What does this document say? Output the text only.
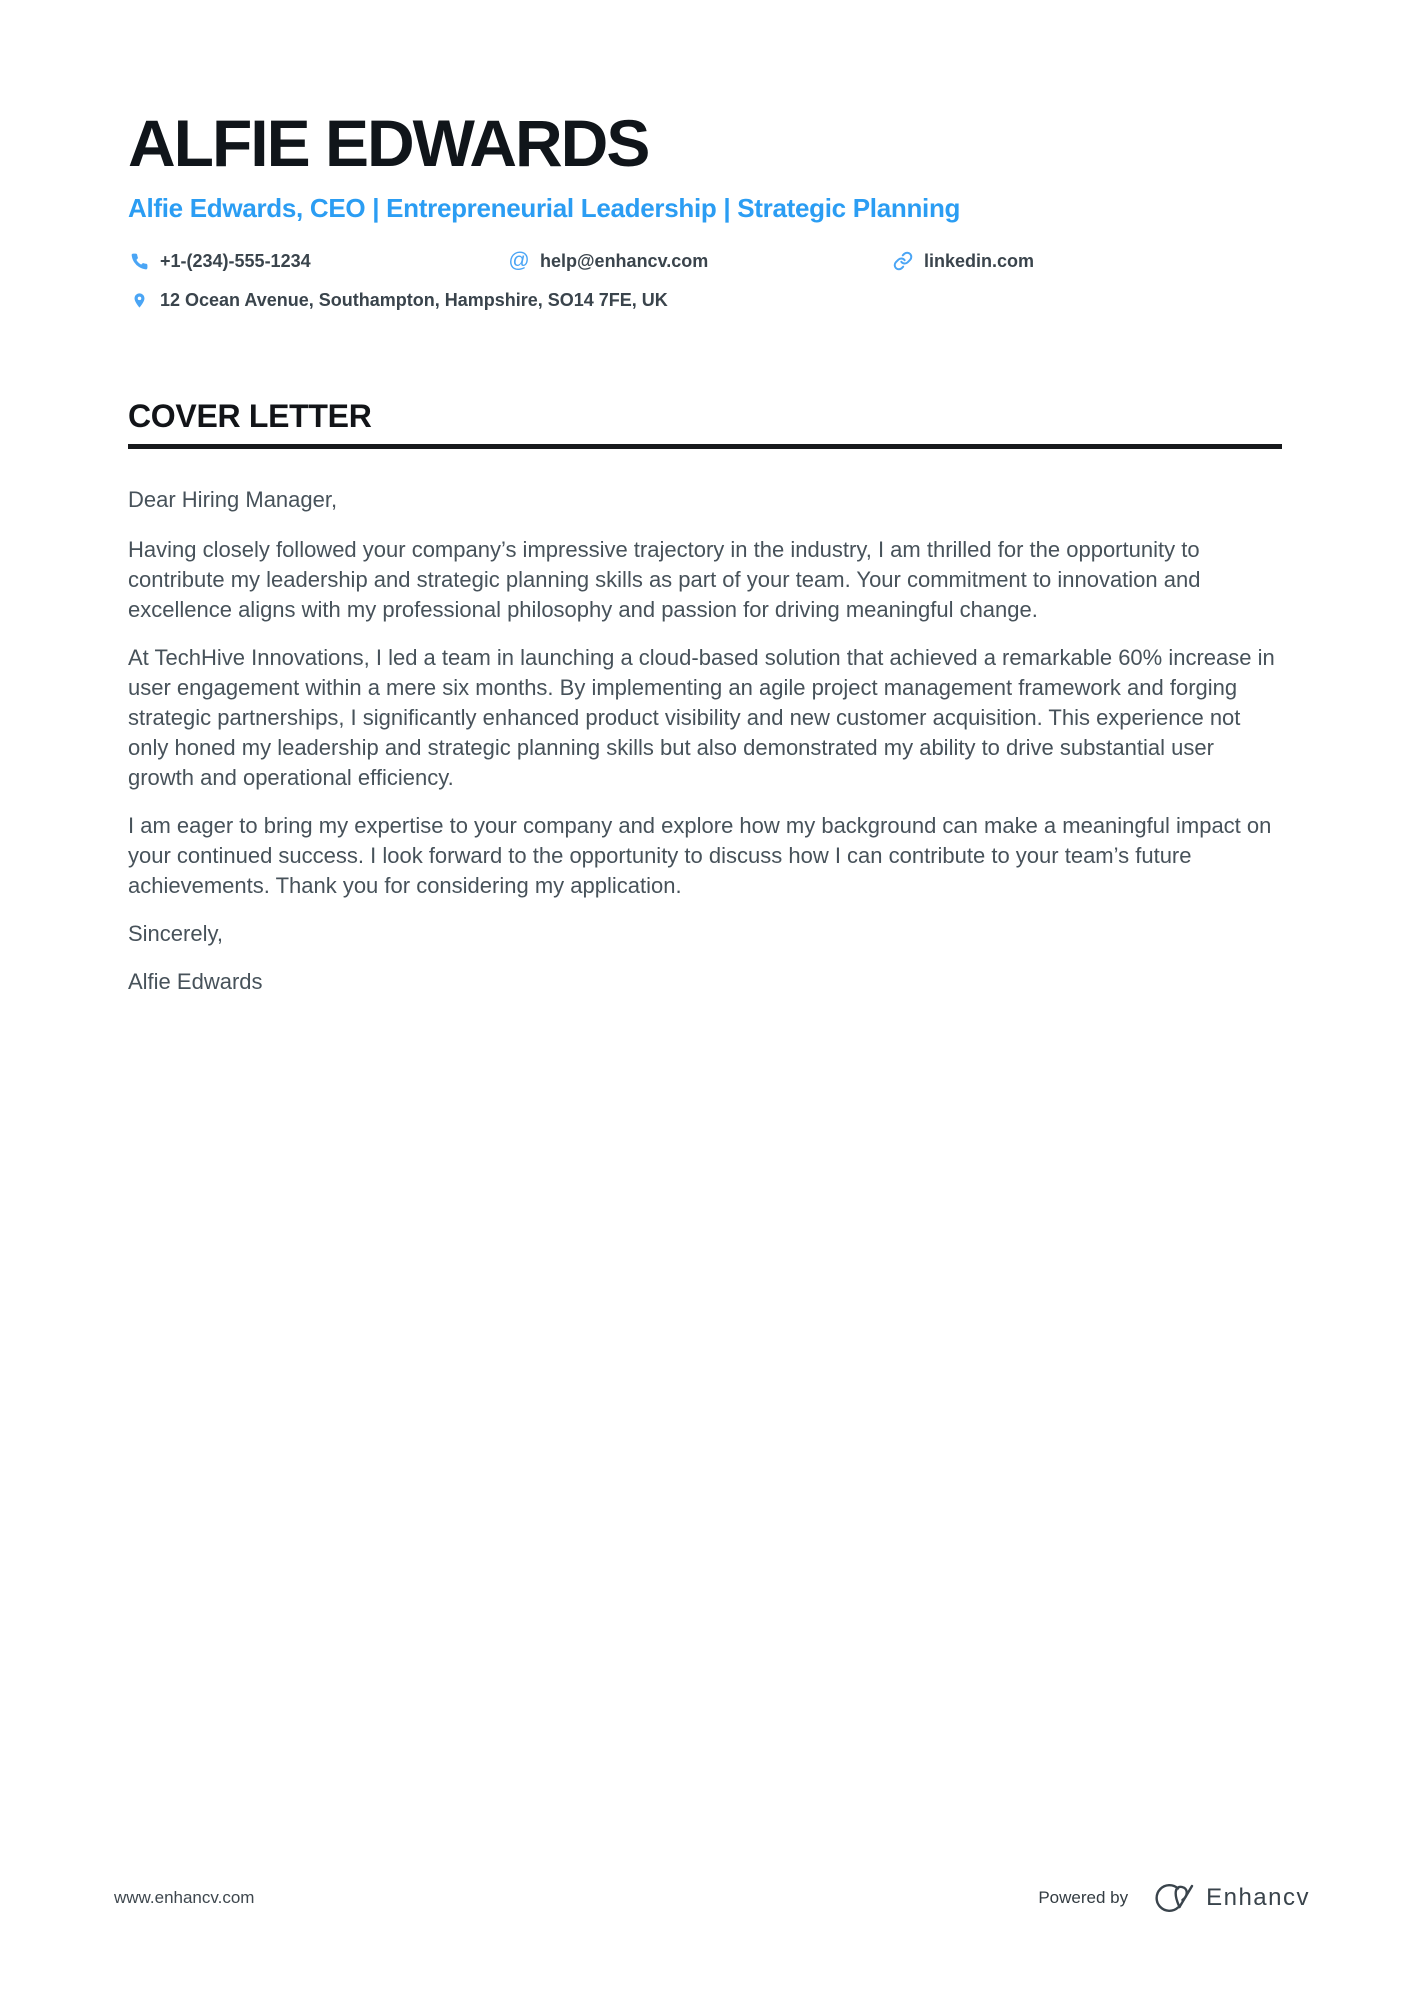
ALFIE EDWARDS
Alfie Edwards, CEO | Entrepreneurial Leadership | Strategic Planning
+1-(234)-555-1234	@ help@enhancv.com	linkedin.com
12 Ocean Avenue, Southampton, Hampshire, SO14 7FE, UK
COVER LETTER

Dear Hiring Manager,

Having closely followed your company’s impressive trajectory in the industry, I am thrilled for the opportunity to contribute my leadership and strategic planning skills as part of your team. Your commitment to innovation and excellence aligns with my professional philosophy and passion for driving meaningful change.

At TechHive Innovations, I led a team in launching a cloud-based solution that achieved a remarkable 60% increase in user engagement within a mere six months. By implementing an agile project management framework and forging strategic partnerships, I significantly enhanced product visibility and new customer acquisition. This experience not only honed my leadership and strategic planning skills but also demonstrated my ability to drive substantial user growth and operational efficiency.

I am eager to bring my expertise to your company and explore how my background can make a meaningful impact on your continued success. I look forward to the opportunity to discuss how I can contribute to your team’s future achievements. Thank you for considering my application.

Sincerely,

Alfie Edwards

www.enhancv.com	Powered by	Enhancv
